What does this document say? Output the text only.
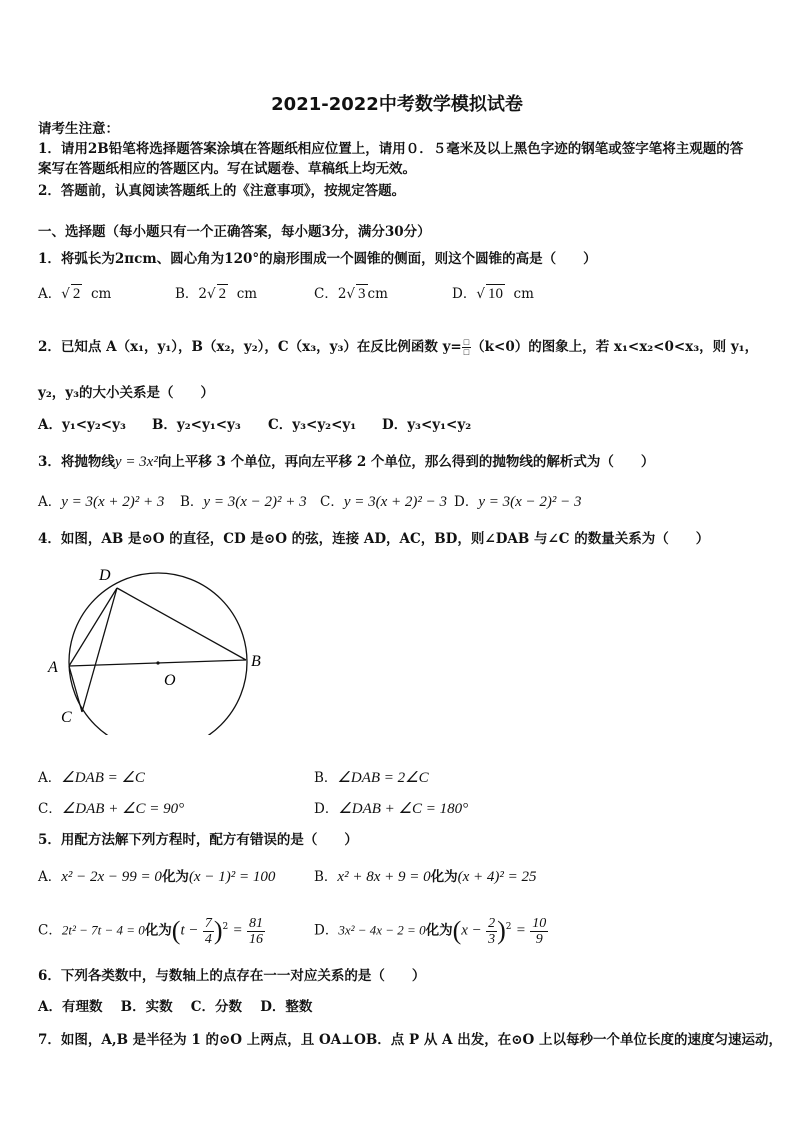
2021-2022中考数学模拟试卷
请考生注意：
1．请用2B铅笔将选择题答案涂填在答题纸相应位置上，请用０．５毫米及以上黑色字迹的钢笔或签字笔将主观题的答
案写在答题纸相应的答题区内。写在试题卷、草稿纸上均无效。
2．答题前，认真阅读答题纸上的《注意事项》，按规定答题。
一、选择题（每小题只有一个正确答案，每小题3分，满分30分）
1．将弧长为2πcm、圆心角为120°的扇形围成一个圆锥的侧面，则这个圆锥的高是（　　）
A．√ 2 cm	B．2√ 2 cm	C．2√ 3 cm	D．√ 10 cm
2．已知点 A（x₁，y₁），B（x₂，y₂），C（x₃，y₃）在反比例函数 $y= \frac{□}{□} (k<0)$的图象上，若 x₁<x₂<0<x₃，则 y₁，
y₂，y₃的大小关系是（　　）
A．y₁<y₂<y₃ B．y₂<y₁<y₃ C．y₃<y₂<y₁ D．y₃<y₁<y₂
3．将抛物线y = 3x²向上平移 3 个单位，再向左平移 2 个单位，那么得到的抛物线的解析式为（　　）
A．y = 3(x + 2)² + 3 B．y = 3(x − 2)² + 3 C．y = 3(x + 2)² − 3 D．y = 3(x − 2)² − 3
4．如图，AB 是⊙O 的直径，CD 是⊙O 的弦，连接 AD，AC，BD，则∠DAB 与∠C 的数量关系为（　　）
D
A	B
O
C
A．∠DAB = ∠C	B．∠DAB = 2∠C
C．∠DAB + ∠C = 90°	D．∠DAB + ∠C = 180°
5．用配方法解下列方程时，配方有错误的是（　　）
A．x² − 2x − 99 = 0化为(x − 1)² = 100	B．x² + 8x + 9 = 0化为(x + 4)² = 25
C．2t² − 7t − 4 = 0化为$(t - \frac{7}{4} )^2 = \frac{81}{16}$	D．3x² − 4x − 2 = 0化为$(x - \frac{2}{3} )^2 = \frac{10}{9}$
6．下列各类数中，与数轴上的点存在一一对应关系的是（　　）
A．有理数　 B．实数　 C．分数　 D．整数
7．如图，A,B 是半径为 1 的⊙O 上两点，且 OA⊥OB．点 P 从 A 出发，在⊙O 上以每秒一个单位长度的速度匀速运动，
